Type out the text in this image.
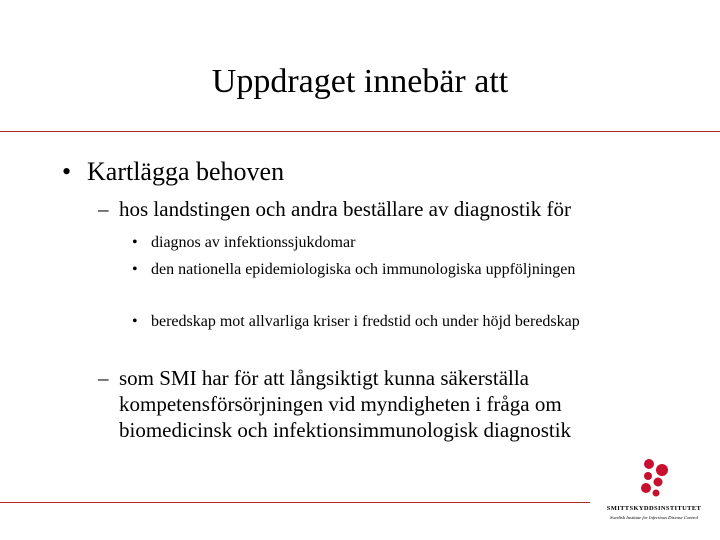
Uppdraget innebär att
• Kartlägga behoven
– hos landstingen och andra beställare av diagnostik för
• diagnos av infektionssjukdomar
• den nationella epidemiologiska och immunologiska uppföljningen
• beredskap mot allvarliga kriser i fredstid och under höjd beredskap
– som SMI har för att långsiktigt kunna säkerställa kompetensförsörjningen vid myndigheten i fråga om biomedicinsk och infektionsimmunologisk diagnostik
SMITTSKYDDSINSTITUTET
Swedish Institute for Infectious Disease Control
